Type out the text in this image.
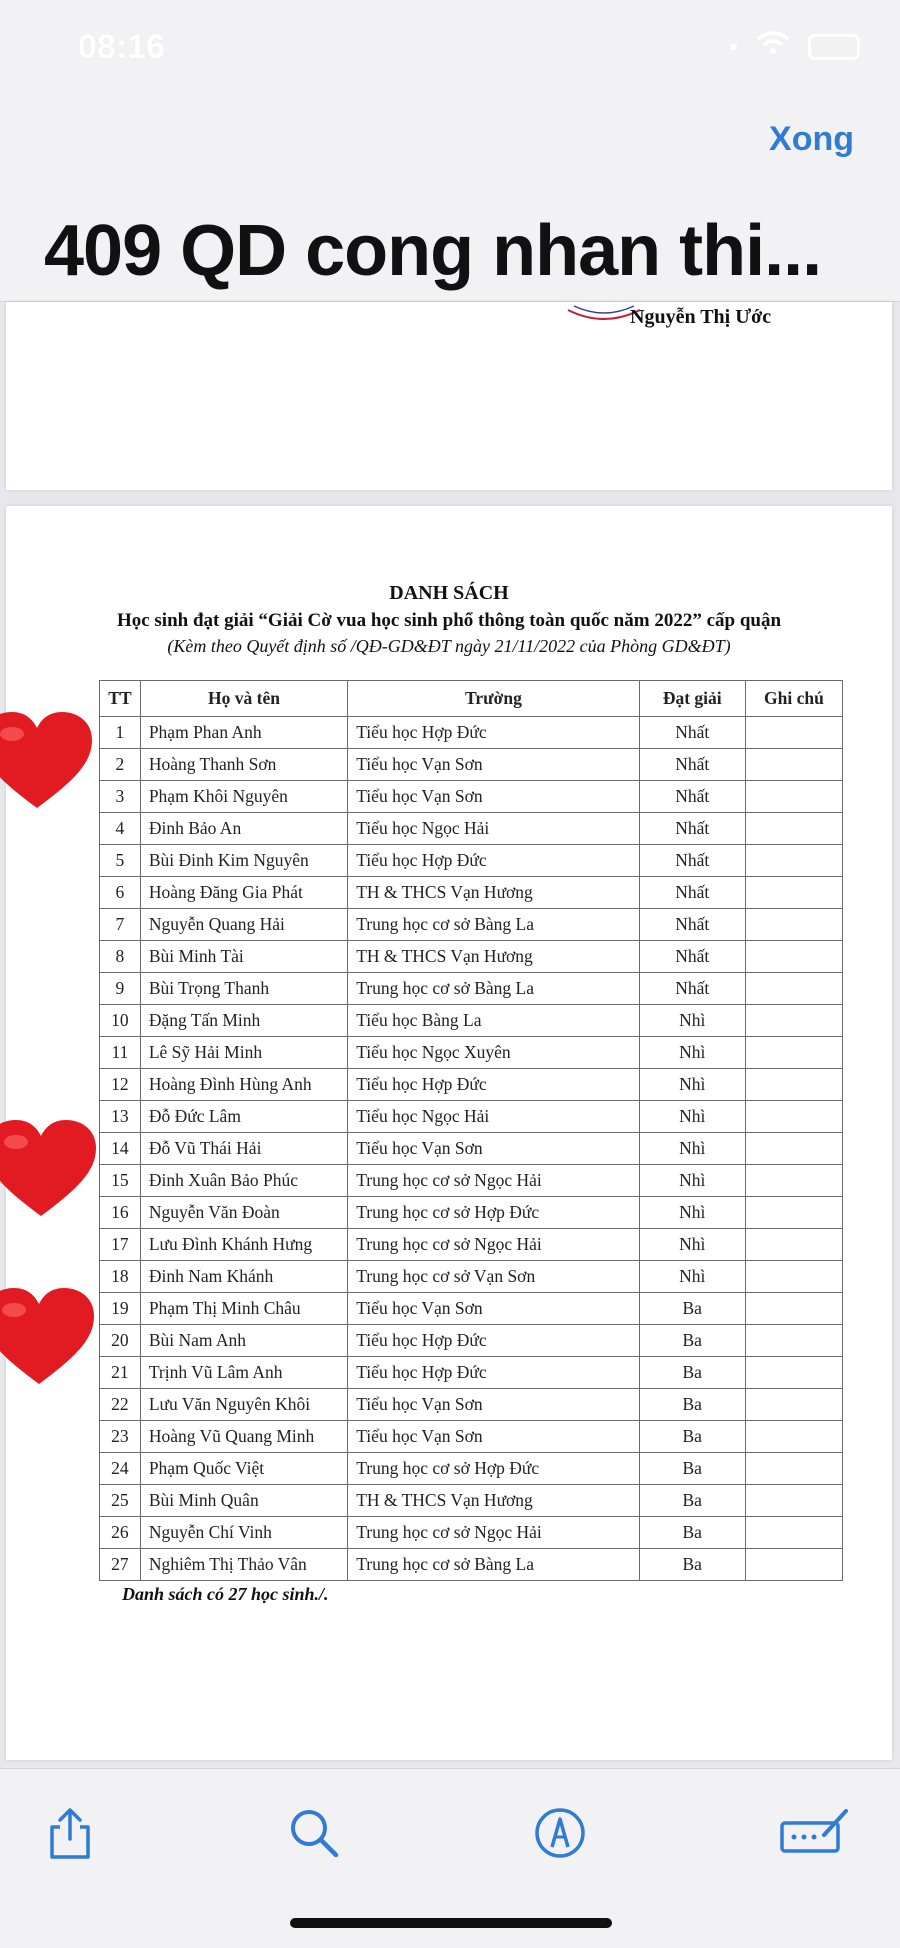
08:16	▪
Xong
409 QD cong nhan thi...
Nguyễn Thị Ước
DANH SÁCH
Học sinh đạt giải “Giải Cờ vua học sinh phổ thông toàn quốc năm 2022” cấp quận
(Kèm theo Quyết định số /QĐ-GD&ĐT ngày 21/11/2022 của Phòng GD&ĐT)
TT	Họ và tên	Trường	Đạt giải	Ghi chú
1	Phạm Phan Anh	Tiểu học Hợp Đức	Nhất	
2	Hoàng Thanh Sơn	Tiểu học Vạn Sơn	Nhất	
3	Phạm Khôi Nguyên	Tiểu học Vạn Sơn	Nhất	
4	Đinh Bảo An	Tiểu học Ngọc Hải	Nhất	
5	Bùi Đinh Kim Nguyên	Tiểu học Hợp Đức	Nhất	
6	Hoàng Đăng Gia Phát	TH & THCS Vạn Hương	Nhất	
7	Nguyễn Quang Hải	Trung học cơ sở Bàng La	Nhất	
8	Bùi Minh Tài	TH & THCS Vạn Hương	Nhất	
9	Bùi Trọng Thanh	Trung học cơ sở Bàng La	Nhất	
10	Đặng Tấn Minh	Tiểu học Bàng La	Nhì	
11	Lê Sỹ Hải Minh	Tiểu học Ngọc Xuyên	Nhì	
12	Hoàng Đình Hùng Anh	Tiểu học Hợp Đức	Nhì	
13	Đỗ Đức Lâm	Tiểu học Ngọc Hải	Nhì	
14	Đỗ Vũ Thái Hải	Tiểu học Vạn Sơn	Nhì	
15	Đinh Xuân Bảo Phúc	Trung học cơ sở Ngọc Hải	Nhì	
16	Nguyễn Văn Đoàn	Trung học cơ sở Hợp Đức	Nhì	
17	Lưu Đình Khánh Hưng	Trung học cơ sở Ngọc Hải	Nhì	
18	Đinh Nam Khánh	Trung học cơ sở Vạn Sơn	Nhì	
19	Phạm Thị Minh Châu	Tiểu học Vạn Sơn	Ba	
20	Bùi Nam Anh	Tiểu học Hợp Đức	Ba	
21	Trịnh Vũ Lâm Anh	Tiểu học Hợp Đức	Ba	
22	Lưu Văn Nguyên Khôi	Tiểu học Vạn Sơn	Ba	
23	Hoàng Vũ Quang Minh	Tiểu học Vạn Sơn	Ba	
24	Phạm Quốc Việt	Trung học cơ sở Hợp Đức	Ba	
25	Bùi Minh Quân	TH & THCS Vạn Hương	Ba	
26	Nguyễn Chí Vinh	Trung học cơ sở Ngọc Hải	Ba	
27	Nghiêm Thị Thảo Vân	Trung học cơ sở Bàng La	Ba	
Danh sách có 27 học sinh./.
